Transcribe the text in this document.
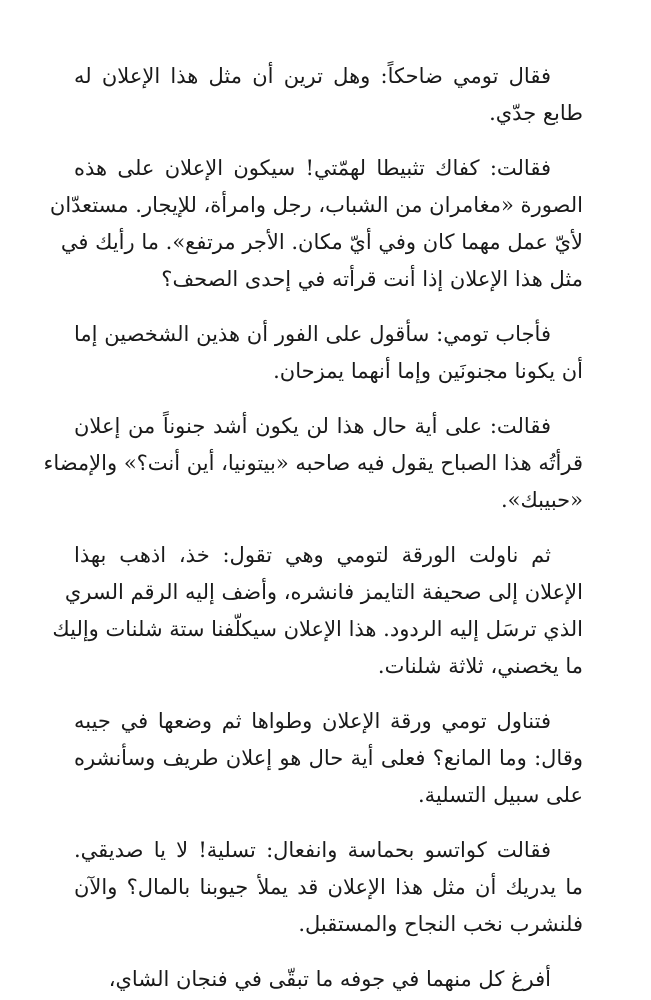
فقال تومي ضاحكاً: وهل ترين أن مثل هذا الإعلان له
طابع جدّي.
فقالت: كفاك تثبيطا لهمّتي! سيكون الإعلان على هذه
الصورة «مغامران من الشباب، رجل وامرأة، للإيجار. مستعدّان
لأيّ عمل مهما كان وفي أيّ مكان. الأجر مرتفع». ما رأيك في
مثل هذا الإعلان إذا أنت قرأته في إحدى الصحف؟
فأجاب تومي: سأقول على الفور أن هذين الشخصين إما
أن يكونا مجنونَين وإما أنهما يمزحان.
فقالت: على أية حال هذا لن يكون أشد جنوناً من إعلان
قرأتُه هذا الصباح يقول فيه صاحبه «بيتونيا، أين أنت؟» والإمضاء
«حبيبك».
ثم ناولت الورقة لتومي وهي تقول: خذ، اذهب بهذا
الإعلان إلى صحيفة التايمز فانشره، وأضف إليه الرقم السري
الذي ترسَل إليه الردود. هذا الإعلان سيكلّفنا ستة شلنات وإليك
ما يخصني، ثلاثة شلنات.
فتناول تومي ورقة الإعلان وطواها ثم وضعها في جيبه
وقال: وما المانع؟ فعلى أية حال هو إعلان طريف وسأنشره
على سبيل التسلية.
فقالت كواتسو بحماسة وانفعال: تسلية! لا يا صديقي.
ما يدريك أن مثل هذا الإعلان قد يملأ جيوبنا بالمال؟ والآن
فلنشرب نخب النجاح والمستقبل.
أفرغ كل منهما في جوفه ما تبقّى في فنجان الشاي،
